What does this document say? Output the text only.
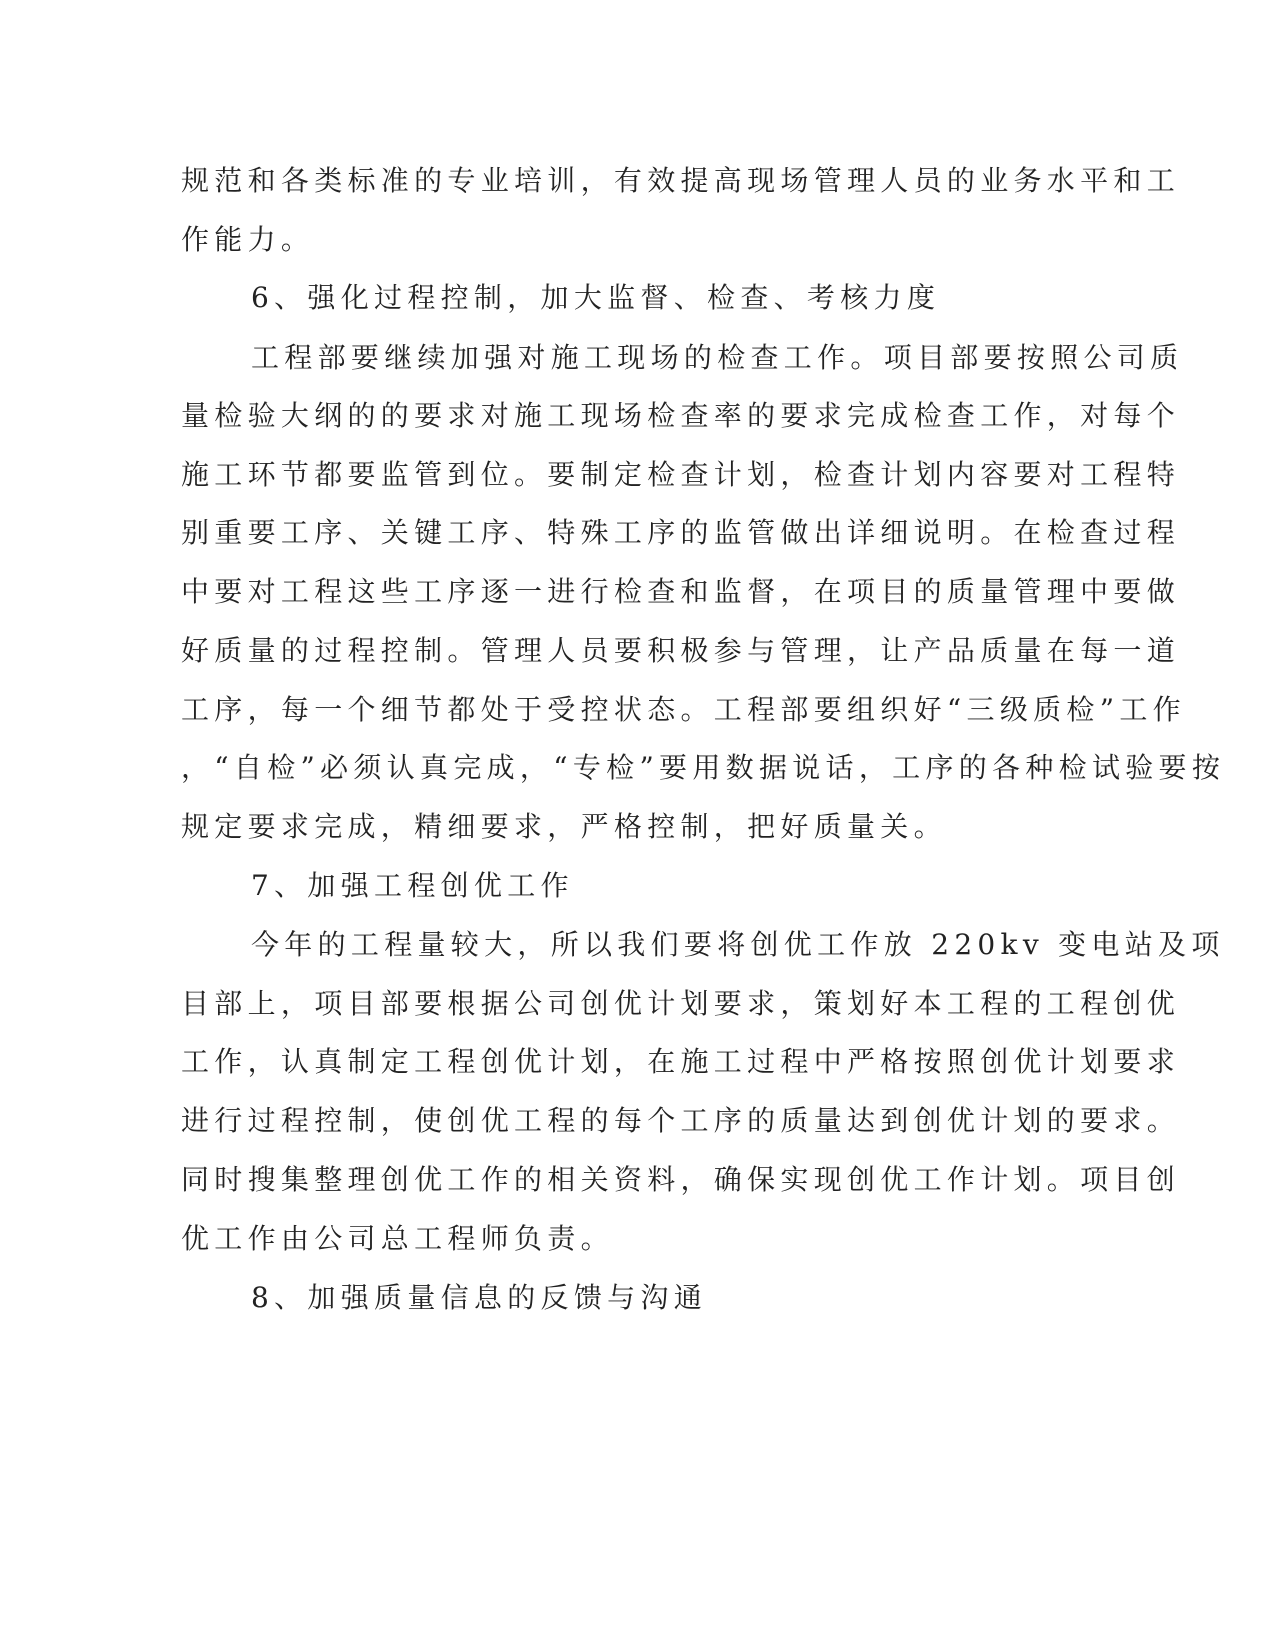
规范和各类标准的专业培训，有效提高现场管理人员的业务水平和工
作能力。
6、强化过程控制，加大监督、检查、考核力度
工程部要继续加强对施工现场的检查工作。项目部要按照公司质
量检验大纲的的要求对施工现场检查率的要求完成检查工作，对每个
施工环节都要监管到位。要制定检查计划，检查计划内容要对工程特
别重要工序、关键工序、特殊工序的监管做出详细说明。在检查过程
中要对工程这些工序逐一进行检查和监督，在项目的质量管理中要做
好质量的过程控制。管理人员要积极参与管理，让产品质量在每一道
工序，每一个细节都处于受控状态。工程部要组织好“三级质检”工作
，“自检”必须认真完成，“专检”要用数据说话，工序的各种检试验要按
规定要求完成，精细要求，严格控制，把好质量关。
7、加强工程创优工作
今年的工程量较大，所以我们要将创优工作放 220kv 变电站及项
目部上，项目部要根据公司创优计划要求，策划好本工程的工程创优
工作，认真制定工程创优计划，在施工过程中严格按照创优计划要求
进行过程控制，使创优工程的每个工序的质量达到创优计划的要求。
同时搜集整理创优工作的相关资料，确保实现创优工作计划。项目创
优工作由公司总工程师负责。
8、加强质量信息的反馈与沟通
